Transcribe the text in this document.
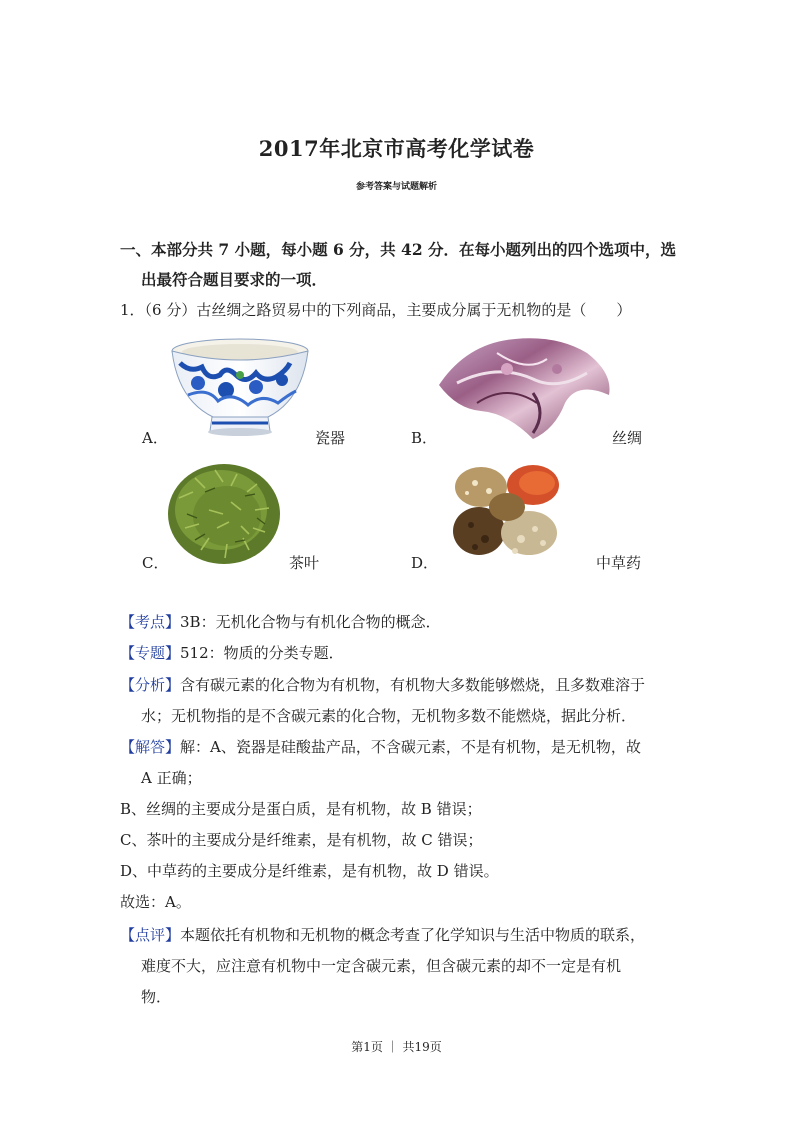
2017年北京市高考化学试卷
参考答案与试题解析
一、本部分共 7 小题，每小题 6 分，共 42 分．在每小题列出的四个选项中，选
出最符合题目要求的一项．
1．（6 分）古丝绸之路贸易中的下列商品，主要成分属于无机物的是（　　）
A．	瓷器	B．	丝绸
C．	茶叶	D．	中草药
【考点】3B：无机化合物与有机化合物的概念．
【专题】512：物质的分类专题．
【分析】含有碳元素的化合物为有机物，有机物大多数能够燃烧，且多数难溶于
水；无机物指的是不含碳元素的化合物，无机物多数不能燃烧，据此分析．
【解答】解：A、瓷器是硅酸盐产品，不含碳元素，不是有机物，是无机物，故
A 正确；
B、丝绸的主要成分是蛋白质，是有机物，故 B 错误；
C、茶叶的主要成分是纤维素，是有机物，故 C 错误；
D、中草药的主要成分是纤维素，是有机物，故 D 错误。
故选：A。
【点评】本题依托有机物和无机物的概念考查了化学知识与生活中物质的联系，
难度不大，应注意有机物中一定含碳元素，但含碳元素的却不一定是有机
物．
第1页 ｜ 共19页
